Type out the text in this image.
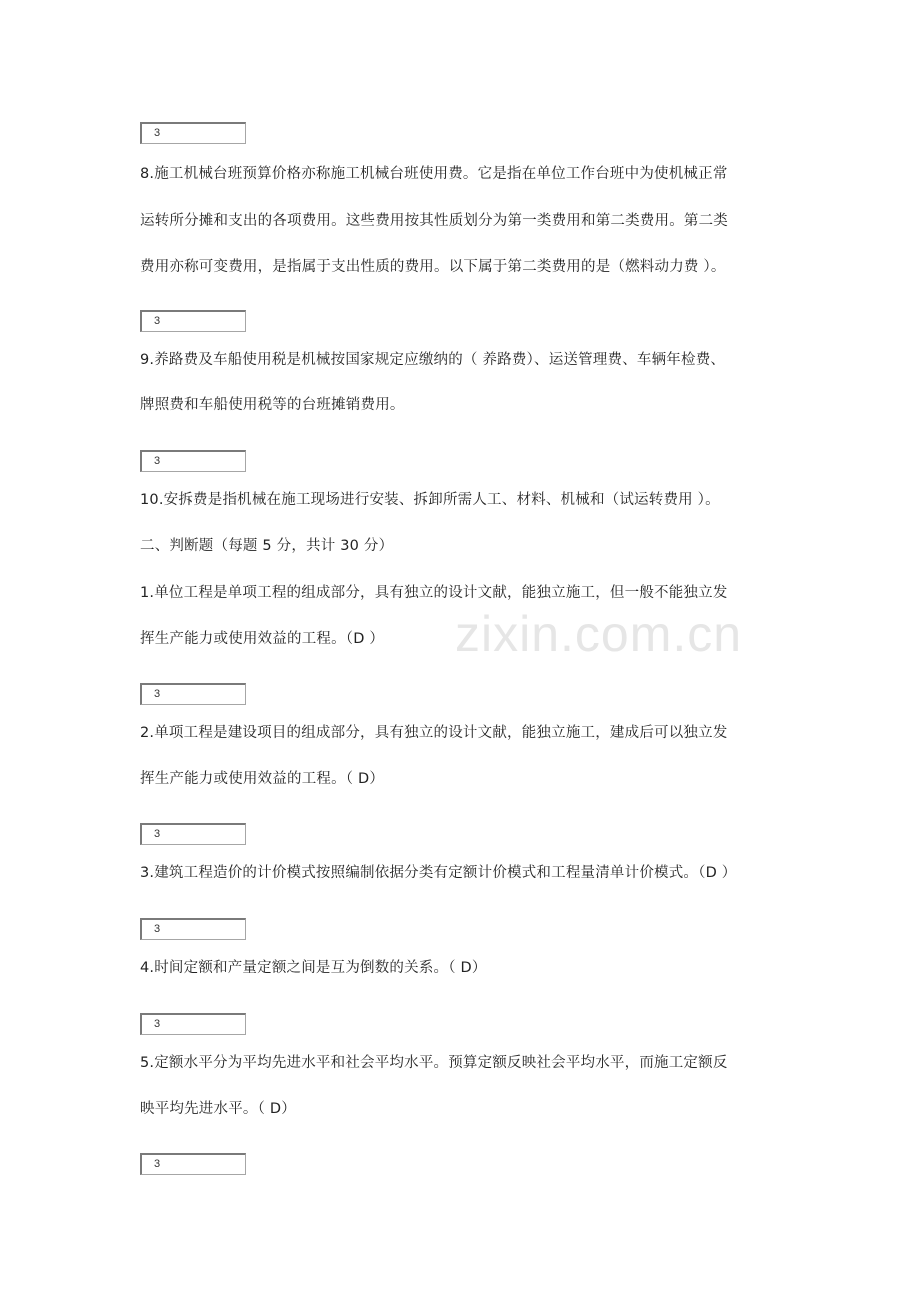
zixin.com.cn
3
8.施工机械台班预算价格亦称施工机械台班使用费。它是指在单位工作台班中为使机械正常
运转所分摊和支出的各项费用。这些费用按其性质划分为第一类费用和第二类费用。第二类
费用亦称可变费用，是指属于支出性质的费用。以下属于第二类费用的是（燃料动力费 ）。
3
9.养路费及车船使用税是机械按国家规定应缴纳的（ 养路费）、运送管理费、车辆年检费、
牌照费和车船使用税等的台班摊销费用。
3
10.安拆费是指机械在施工现场进行安装、拆卸所需人工、材料、机械和（试运转费用 ）。
二、判断题（每题 5 分，共计 30 分）
1.单位工程是单项工程的组成部分，具有独立的设计文献，能独立施工，但一般不能独立发
挥生产能力或使用效益的工程。（D ）
3
2.单项工程是建设项目的组成部分，具有独立的设计文献，能独立施工，建成后可以独立发
挥生产能力或使用效益的工程。（ D）
3
3.建筑工程造价的计价模式按照编制依据分类有定额计价模式和工程量清单计价模式。（D ）
3
4.时间定额和产量定额之间是互为倒数的关系。（ D）
3
5.定额水平分为平均先进水平和社会平均水平。预算定额反映社会平均水平，而施工定额反
映平均先进水平。（ D）
3
